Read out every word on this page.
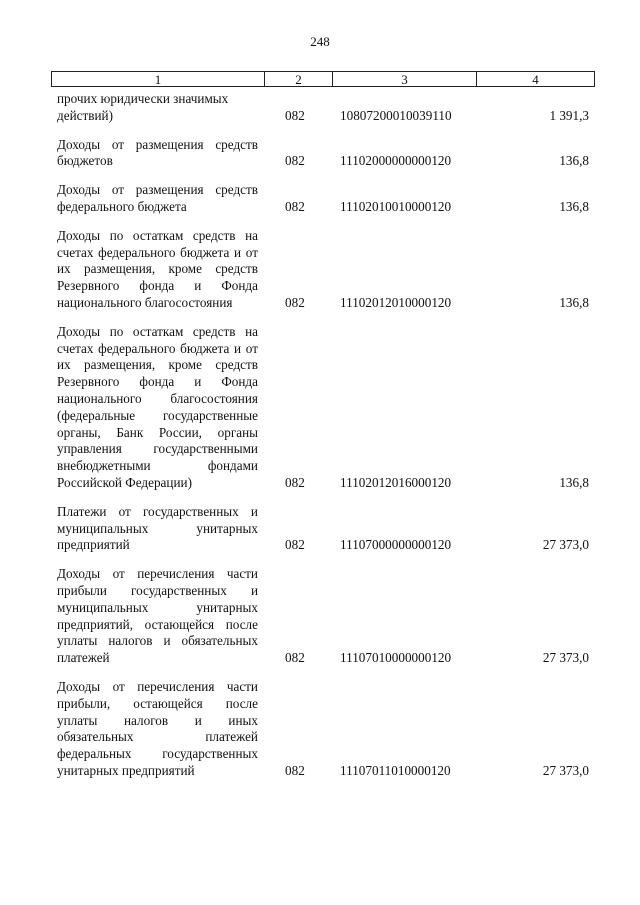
248
1	2	3	4
прочих юридически значимых действий)	082	10807200010039110	1 391,3
Доходы от размещения средств бюджетов	082	11102000000000120	136,8
Доходы от размещения средств федерального бюджета	082	11102010010000120	136,8
Доходы по остаткам средств на счетах федерального бюджета и от их размещения, кроме средств Резервного фонда и Фонда национального благосостояния	082	11102012010000120	136,8
Доходы по остаткам средств на счетах федерального бюджета и от их размещения, кроме средств Резервного фонда и Фонда национального благосостояния (федеральные государственные органы, Банк России, органы управления государственными внебюджетными фондами Российской Федерации)	082	11102012016000120	136,8
Платежи от государственных и муниципальных унитарных предприятий	082	11107000000000120	27 373,0
Доходы от перечисления части прибыли государственных и муниципальных унитарных предприятий, остающейся после уплаты налогов и обязательных платежей	082	11107010000000120	27 373,0
Доходы от перечисления части прибыли, остающейся после уплаты налогов и иных обязательных платежей федеральных государственных унитарных предприятий	082	11107011010000120	27 373,0
